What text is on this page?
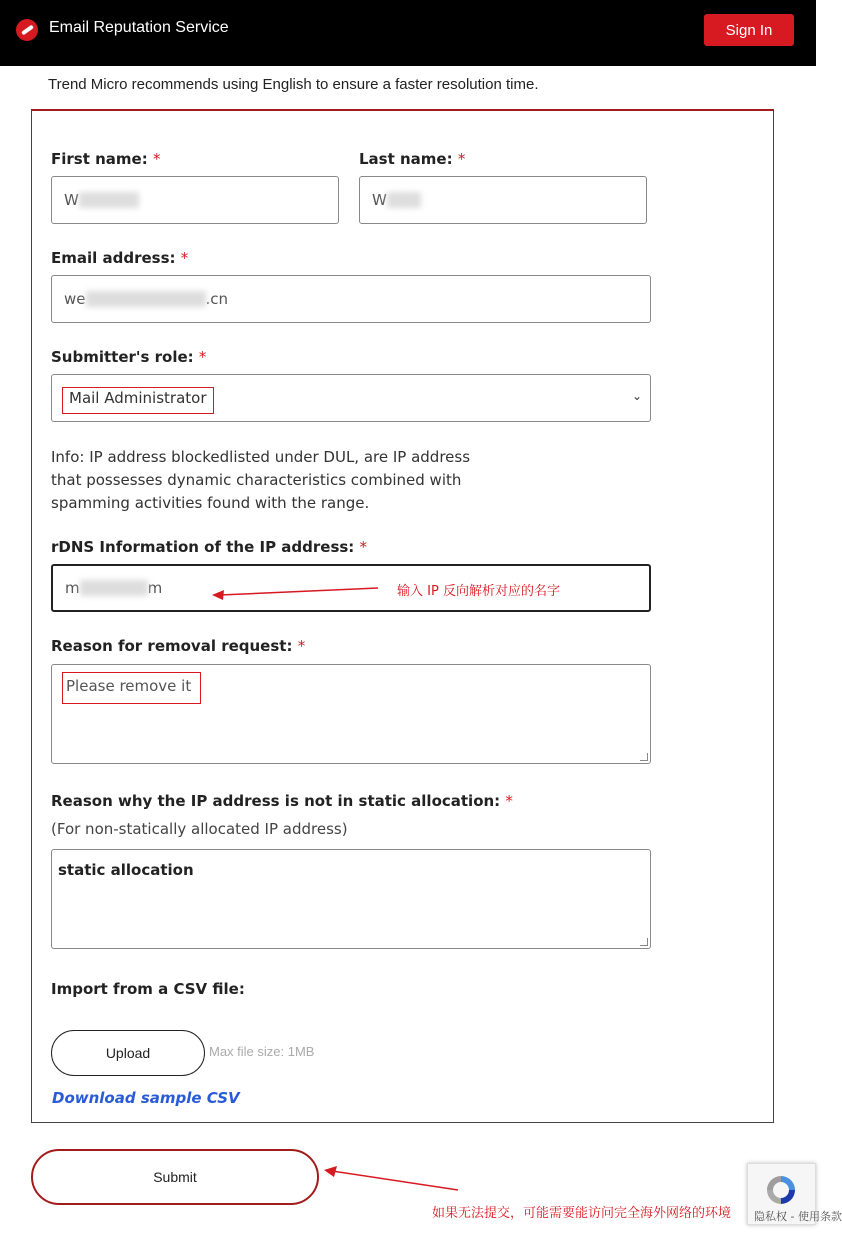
Email Reputation Service	Sign In
Trend Micro recommends using English to ensure a faster resolution time.
First name: *
W
Last name: *
W
Email address: *
we	.cn
Submitter's role: *
Mail Administrator	⌄
Info: IP address blockedlisted under DUL, are IP address that possesses dynamic characteristics combined with spamming activities found with the range.
rDNS Information of the IP address: *
m	m	输入 IP 反向解析对应的名字
Reason for removal request: *
Please remove it
Reason why the IP address is not in static allocation: *
(For non-statically allocated IP address)
static allocation
Import from a CSV file:
Upload	Max file size: 1MB
Download sample CSV
Submit
如果无法提交，可能需要能访问完全海外网络的环境 隐私权 - 使用条款
